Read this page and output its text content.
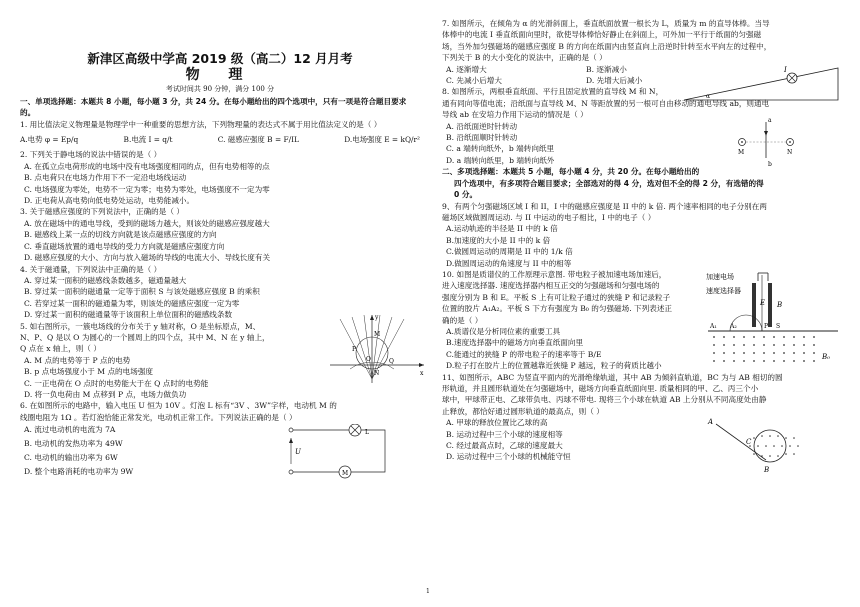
新津区高级中学高 2019 级（高二）12 月月考
物 理
考试时间共 90 分钟，满分 100 分

一、单项选择题：本题共 8 小题，每小题 3 分，共 24 分。在每小题给出的四个选项中，只有一项是符合题目要求的。

1. 用比值法定义物理量是物理学中一种重要的思想方法，下列物理量的表达式不属于用比值法定义的是（ ）

A.电势 φ = Ep/q	B.电流 I = q/t	C. 磁感应强度 B = F/IL	D.电场强度 E = kQ/r²

2. 下列关于静电场的说法中错误的是（ ）

A. 在孤立点电荷形成的电场中没有电场强度相同的点，但有电势相等的点

B. 点电荷只在电场力作用下不一定沿电场线运动

C. 电场强度为零处，电势不一定为零；电势为零处，电场强度不一定为零

D. 正电荷从高电势向低电势处运动，电势能减小。

3. 关于磁感应强度的下列说法中，正确的是（ ）

A. 放在磁场中的通电导线，受到的磁场力越大，则该处的磁感应强度越大

B. 磁感线上某一点的切线方向就是该点磁感应强度的方向

C. 垂直磁场放置的通电导线的受力方向就是磁感应强度方向

D. 磁感应强度的大小、方向与放入磁场的导线的电流大小、导线长度有关

4. 关于磁通量，下列说法中正确的是（ ）

A. 穿过某一面积的磁感线条数越多，磁通量越大

B. 穿过某一面积的磁通量一定等于面积 S 与该处磁感应强度 B 的乘积

C. 若穿过某一面积的磁通量为零，则该处的磁感应强度一定为零

D. 穿过某一面积的磁通量等于该面积上单位面积的磁感线条数

5. 如右图所示，一簇电场线的分布关于 y 轴对称，O 是坐标原点，M、

N、P、Q 是以 O 为圆心的一个圆周上的四个点，其中 M、N 在 y 轴上，

Q 点在 x 轴上，则（ ）

A. M 点的电势等于 P 点的电势

B. p 点电场强度小于 M 点的电场强度

C. 一正电荷在 O 点时的电势能大于在 Q 点时的电势能

D. 将一负电荷由 M 点移到 P 点，电场力做负功

y
x
M
N
P
Q
O

6. 在如图所示的电路中，输入电压 U 恒为 10V 。灯泡 L 标有“3V 、3W”字样，电动机 M 的

线圈电阻为 1Ω 。若灯泡恰能正常发光，电动机正常工作。下列说法正确的是（ ）

A. 流过电动机的电流为 7A

B. 电动机的发热功率为 49W

C. 电动机的输出功率为 6W

D. 整个电路消耗的电功率为 9W

U
L
M

7. 如图所示，在倾角为 α 的光滑斜面上，垂直纸面放置一根长为 L，质量为 m 的直导体棒。当导

体棒中的电流 I 垂直纸面向里时，欲使导体棒恰好静止在斜面上，可外加一平行于纸面的匀强磁

场，当外加匀强磁场的磁感应强度 B 的方向在纸面内由竖直向上沿逆时针转至水平向左的过程中，

下列关于 B 的大小变化的说法中，正确的是（ ）

A. 逐渐增大	B. 逐渐减小
C. 先减小后增大	D. 先增大后减小
I
α

8. 如图所示，两根垂直纸面、平行且固定放置的直导线 M 和 N，

通有同向等值电流；沿纸面与直导线 M、N 等距放置的另一根可自由移动的通电导线 ab，则通电

导线 ab 在安培力作用下运动的情况是（ ）

A. 沿纸面逆时针转动

B. 沿纸面顺时针转动

C. a 端转向纸外，b 端转向纸里

D. a 端转向纸里，b 端转向纸外

a
b
M	N

二、多项选择题：本题共 5 小题，每小题 4 分，共 20 分。在每小题给出的

四个选项中，有多项符合题目要求；全部选对的得 4 分，选对但不全的得 2 分，有选错的得

0 分。

9、有两个匀强磁场区域 I 和 II，I 中的磁感应强度是 II 中的 k 倍. 两个速率相同的电子分别在两

磁场区域做圆周运动. 与 II 中运动的电子相比，I 中的电子（ ）

A.运动轨迹的半径是 II 中的 k 倍

B.加速度的大小是 II 中的 k 倍

C.做圆周运动的周期是 II 中的 1/k 倍

D.做圆周运动的角速度与 II 中的相等

10. 如图是质谱仪的工作原理示意图. 带电粒子被加速电场加速后，

进入速度选择器. 速度选择器内相互正交的匀强磁场和匀强电场的

强度分别为 B 和 E。平板 S 上有可让粒子通过的狭缝 P 和记录粒子

位置的胶片 A₁A₂。平板 S 下方有强度为 B₀ 的匀强磁场. 下列表述正

确的是（ ）

A.质谱仪是分析同位素的重要工具

B.速度选择器中的磁场方向垂直纸面向里

C.能通过的狭缝 P 的带电粒子的速率等于 B/E

D.粒子打在胶片上的位置越靠近狭缝 P 越远，粒子的荷质比越小

加速电场
速度选择器
E B
P S
A₁ A₂
B₀

11、如图所示，ABC 为竖直平面内的光滑绝缘轨道，其中 AB 为倾斜直轨道，BC 为与 AB 相切的圆

形轨道，并且圆形轨道处在匀强磁场中，磁场方向垂直纸面向里. 质量相同的甲、乙、丙三个小

球中，甲球带正电、乙球带负电、丙球不带电. 现将三个小球在轨道 AB 上分别从不同高度处由静

止释放，都恰好通过圆形轨道的最高点，则（ ）

A. 甲球的释放位置比乙球的高

B. 运动过程中三个小球的速度相等

C. 经过最高点时，乙球的速度最大

D. 运动过程中三个小球的机械能守恒

A
B
C
1
